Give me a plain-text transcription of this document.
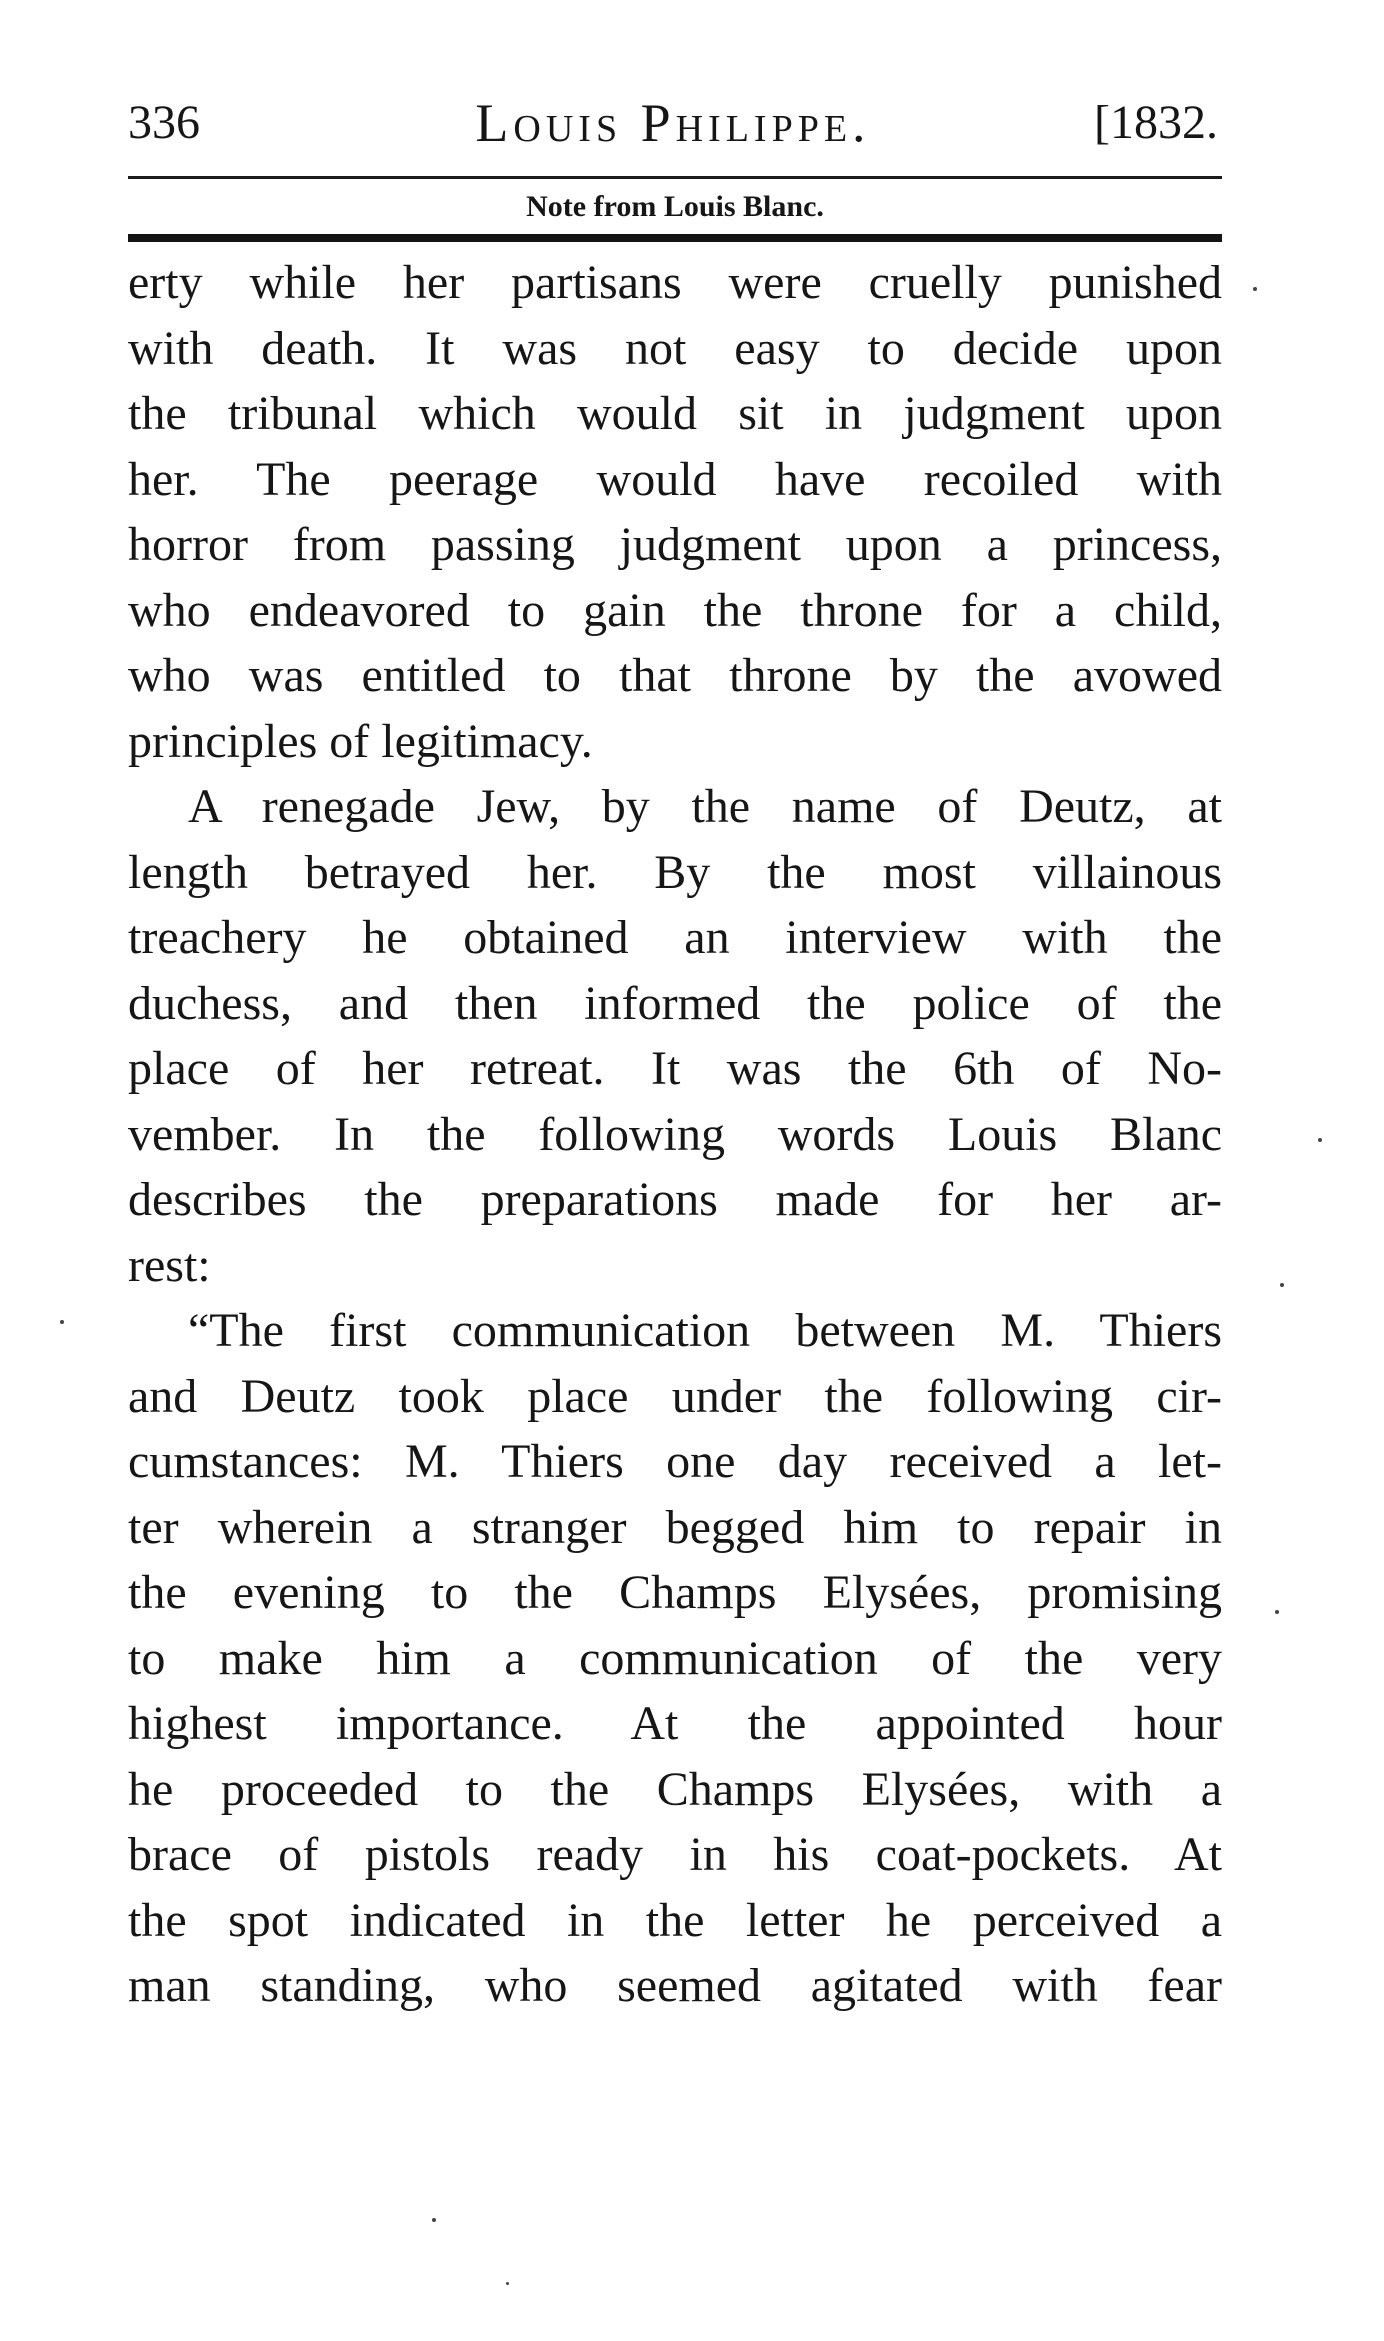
336	Louis Philippe.	[1832.
Note from Louis Blanc.
erty while her partisans were cruelly punished
with death. It was not easy to decide upon
the tribunal which would sit in judgment upon
her. The peerage would have recoiled with
horror from passing judgment upon a princess,
who endeavored to gain the throne for a child,
who was entitled to that throne by the avowed
principles of legitimacy.
A renegade Jew, by the name of Deutz, at
length betrayed her. By the most villainous
treachery he obtained an interview with the
duchess, and then informed the police of the
place of her retreat. It was the 6th of No-
vember. In the following words Louis Blanc
describes the preparations made for her ar-
rest:
“The first communication between M. Thiers
and Deutz took place under the following cir-
cumstances: M. Thiers one day received a let-
ter wherein a stranger begged him to repair in
the evening to the Champs Elysées, promising
to make him a communication of the very
highest importance. At the appointed hour
he proceeded to the Champs Elysées, with a
brace of pistols ready in his coat-pockets. At
the spot indicated in the letter he perceived a
man standing, who seemed agitated with fear
